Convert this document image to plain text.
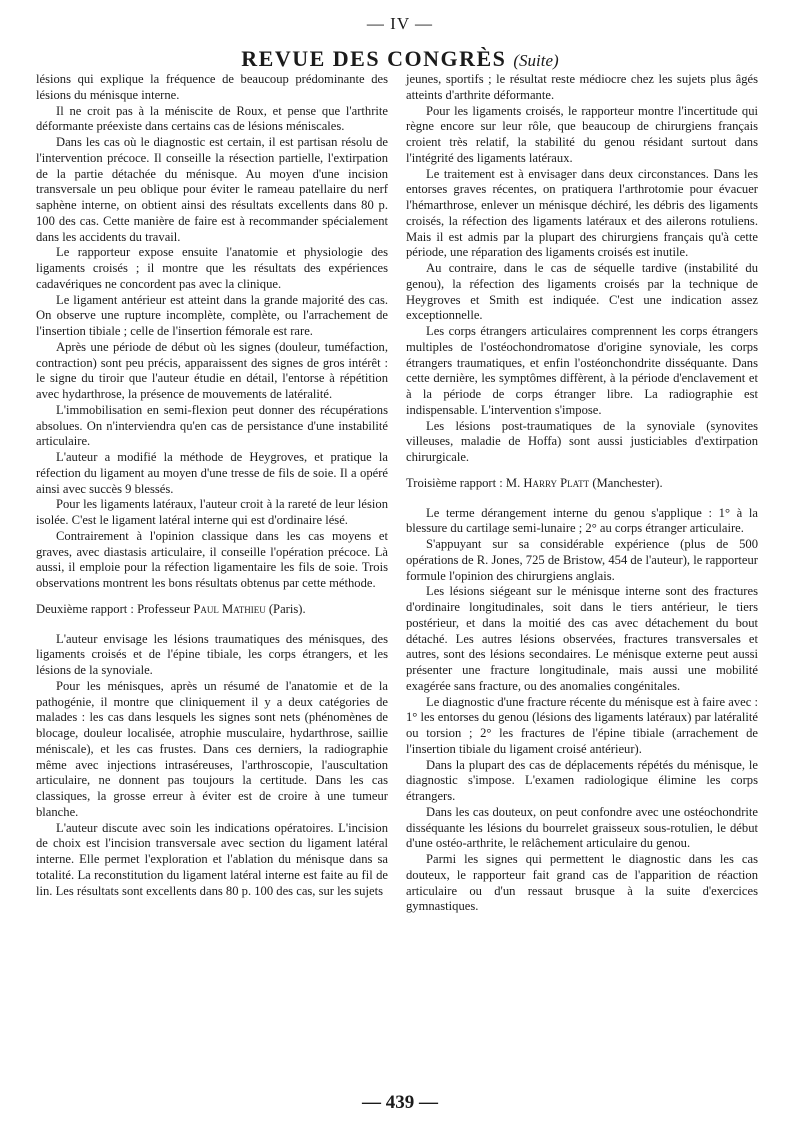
— IV —
REVUE DES CONGRÈS (Suite)

lésions qui explique la fréquence de beaucoup prédominante des lésions du ménisque interne.

Il ne croit pas à la méniscite de Roux, et pense que l'arthrite déformante préexiste dans certains cas de lésions méniscales.

Dans les cas où le diagnostic est certain, il est partisan résolu de l'intervention précoce. Il conseille la résection partielle, l'extirpation de la partie détachée du ménisque. Au moyen d'une incision transversale un peu oblique pour éviter le rameau patellaire du nerf saphène interne, on obtient ainsi des résultats excellents dans 80 p. 100 des cas. Cette manière de faire est à recommander spécialement dans les accidents du travail.

Le rapporteur expose ensuite l'anatomie et physiologie des ligaments croisés ; il montre que les résultats des expériences cadavériques ne concordent pas avec la clinique.

Le ligament antérieur est atteint dans la grande majorité des cas. On observe une rupture incomplète, complète, ou l'arrachement de l'insertion tibiale ; celle de l'insertion fémorale est rare.

Après une période de début où les signes (douleur, tuméfaction, contraction) sont peu précis, apparaissent des signes de gros intérêt : le signe du tiroir que l'auteur étudie en détail, l'entorse à répétition avec hydarthrose, la présence de mouvements de latéralité.

L'immobilisation en semi-flexion peut donner des récupérations absolues. On n'interviendra qu'en cas de persistance d'une instabilité articulaire.

L'auteur a modifié la méthode de Heygroves, et pratique la réfection du ligament au moyen d'une tresse de fils de soie. Il a opéré ainsi avec succès 9 blessés.

Pour les ligaments latéraux, l'auteur croit à la rareté de leur lésion isolée. C'est le ligament latéral interne qui est d'ordinaire lésé.

Contrairement à l'opinion classique dans les cas moyens et graves, avec diastasis articulaire, il conseille l'opération précoce. Là aussi, il emploie pour la réfection ligamentaire les fils de soie. Trois observations montrent les bons résultats obtenus par cette méthode.

Deuxième rapport : Professeur Paul Mathieu (Paris).

L'auteur envisage les lésions traumatiques des ménisques, des ligaments croisés et de l'épine tibiale, les corps étrangers, et les lésions de la synoviale.

Pour les ménisques, après un résumé de l'anatomie et de la pathogénie, il montre que cliniquement il y a deux catégories de malades : les cas dans lesquels les signes sont nets (phénomènes de blocage, douleur localisée, atrophie musculaire, hydarthrose, saillie méniscale), et les cas frustes. Dans ces derniers, la radiographie même avec injections intraséreuses, l'arthroscopie, l'auscultation articulaire, ne donnent pas toujours la certitude. Dans les cas classiques, la grosse erreur à éviter est de croire à une tumeur blanche.

L'auteur discute avec soin les indications opératoires. L'incision de choix est l'incision transversale avec section du ligament latéral interne. Elle permet l'exploration et l'ablation du ménisque dans sa totalité. La reconstitution du ligament latéral interne est faite au fil de lin. Les résultats sont excellents dans 80 p. 100 des cas, sur les sujets

jeunes, sportifs ; le résultat reste médiocre chez les sujets plus âgés atteints d'arthrite déformante.

Pour les ligaments croisés, le rapporteur montre l'incertitude qui règne encore sur leur rôle, que beaucoup de chirurgiens français croient très relatif, la stabilité du genou résidant surtout dans l'intégrité des ligaments latéraux.

Le traitement est à envisager dans deux circonstances. Dans les entorses graves récentes, on pratiquera l'arthrotomie pour évacuer l'hémarthrose, enlever un ménisque déchiré, les débris des ligaments croisés, la réfection des ligaments latéraux et des ailerons rotuliens. Mais il est admis par la plupart des chirurgiens français qu'à cette période, une réparation des ligaments croisés est inutile.

Au contraire, dans le cas de séquelle tardive (instabilité du genou), la réfection des ligaments croisés par la technique de Heygroves et Smith est indiquée. C'est une indication assez exceptionnelle.

Les corps étrangers articulaires comprennent les corps étrangers multiples de l'ostéochondromatose d'origine synoviale, les corps étrangers traumatiques, et enfin l'ostéonchondrite disséquante. Dans cette dernière, les symptômes diffèrent, à la période d'enclavement et à la période de corps étranger libre. La radiographie est indispensable. L'intervention s'impose.

Les lésions post-traumatiques de la synoviale (synovites villeuses, maladie de Hoffa) sont aussi justiciables d'extirpation chirurgicale.

Troisième rapport : M. Harry Platt (Manchester).

Le terme dérangement interne du genou s'applique : 1° à la blessure du cartilage semi-lunaire ; 2° au corps étranger articulaire.

S'appuyant sur sa considérable expérience (plus de 500 opérations de R. Jones, 725 de Bristow, 454 de l'auteur), le rapporteur formule l'opinion des chirurgiens anglais.

Les lésions siégeant sur le ménisque interne sont des fractures d'ordinaire longitudinales, soit dans le tiers antérieur, le tiers postérieur, et dans la moitié des cas avec détachement du bout détaché. Les autres lésions observées, fractures transversales et autres, sont des lésions secondaires. Le ménisque externe peut aussi présenter une fracture longitudinale, mais aussi une mobilité exagérée sans fracture, ou des anomalies congénitales.

Le diagnostic d'une fracture récente du ménisque est à faire avec : 1° les entorses du genou (lésions des ligaments latéraux) par latéralité ou torsion ; 2° les fractures de l'épine tibiale (arrachement de l'insertion tibiale du ligament croisé antérieur).

Dans la plupart des cas de déplacements répétés du ménisque, le diagnostic s'impose. L'examen radiologique élimine les corps étrangers.

Dans les cas douteux, on peut confondre avec une ostéochondrite disséquante les lésions du bourrelet graisseux sous-rotulien, le début d'une ostéo-arthrite, le relâchement articulaire du genou.

Parmi les signes qui permettent le diagnostic dans les cas douteux, le rapporteur fait grand cas de l'apparition de réaction articulaire ou d'un ressaut brusque à la suite d'exercices gymnastiques.

— 439 —
